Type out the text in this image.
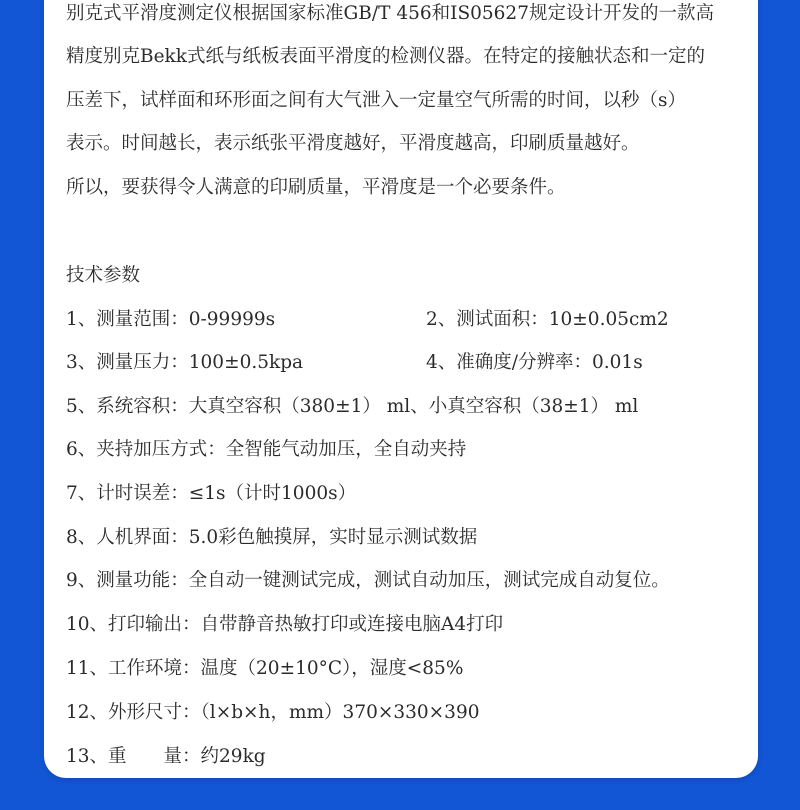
别克式平滑度测定仪根据国家标准GB/T 456和IS05627规定设计开发的一款高
精度别克Bekk式纸与纸板表面平滑度的检测仪器。在特定的接触状态和一定的
压差下，试样面和环形面之间有大气泄入一定量空气所需的时间，以秒（s）
表示。时间越长，表示纸张平滑度越好，平滑度越高，印刷质量越好。
所以，要获得令人满意的印刷质量，平滑度是一个必要条件。
技术参数
1、测量范围：0-99999s	2、测试面积：10±0.05cm2
3、测量压力：100±0.5kpa	4、准确度/分辨率：0.01s
5、系统容积：大真空容积（380±1） ml、小真空容积（38±1） ml
6、夹持加压方式：全智能气动加压，全自动夹持
7、计时误差：≤1s（计时1000s）
8、人机界面：5.0彩色触摸屏，实时显示测试数据
9、测量功能：全自动一键测试完成，测试自动加压，测试完成自动复位。
10、打印输出：自带静音热敏打印或连接电脑A4打印
11、工作环境：温度（20±10°C），湿度<85%
12、外形尺寸：（l×b×h，mm）370×330×390
13、重　　量：约29kg
